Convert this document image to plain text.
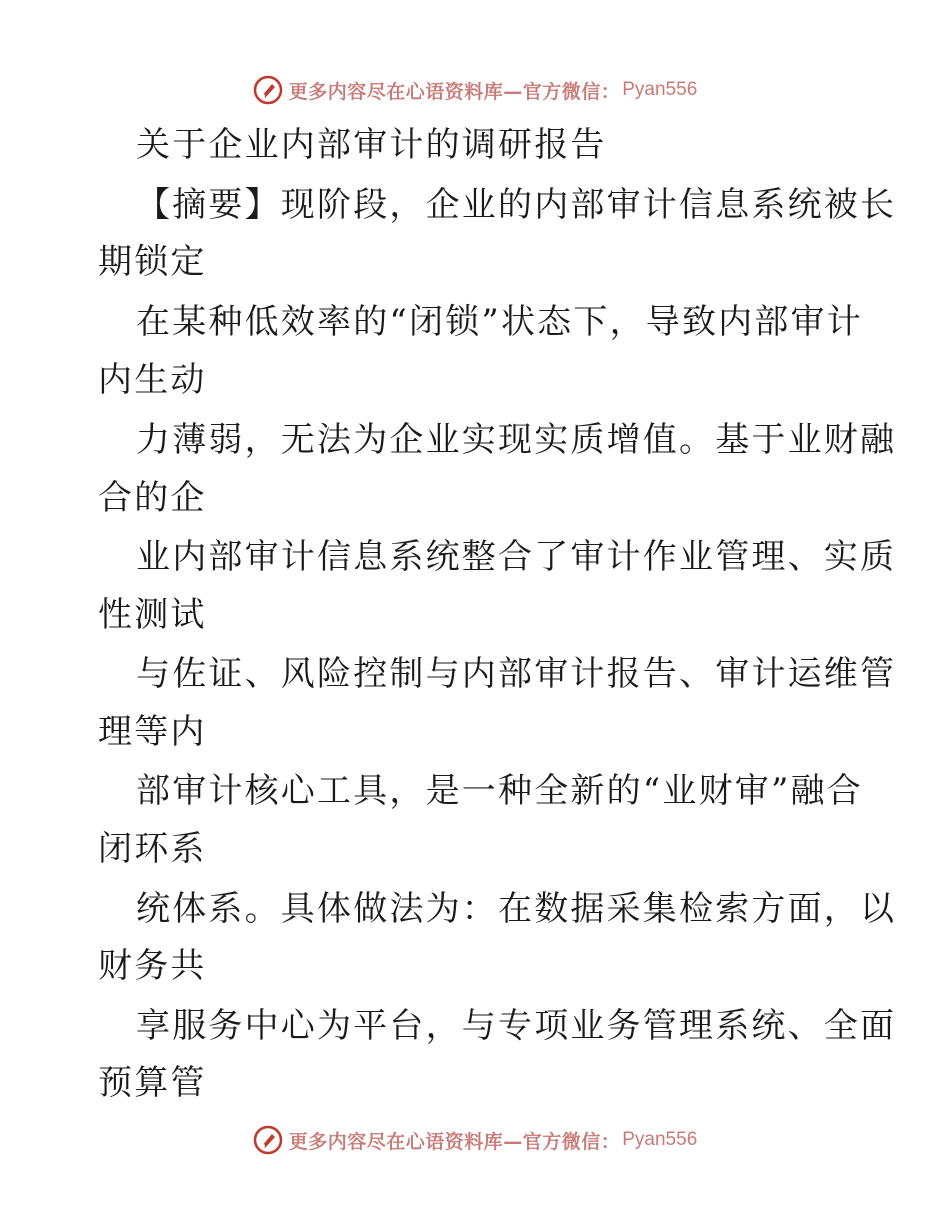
更多内容尽在心语资料库—官方微信： Pyan556
关于企业内部审计的调研报告
【摘要】现阶段，企业的内部审计信息系统被长
期锁定
在某种低效率的“闭锁”状态下，导致内部审计
内生动
力薄弱，无法为企业实现实质增值。基于业财融
合的企
业内部审计信息系统整合了审计作业管理、实质
性测试
与佐证、风险控制与内部审计报告、审计运维管
理等内
部审计核心工具，是一种全新的“业财审”融合
闭环系
统体系。具体做法为：在数据采集检索方面，以
财务共
享服务中心为平台，与专项业务管理系统、全面
预算管
更多内容尽在心语资料库—官方微信： Pyan556
